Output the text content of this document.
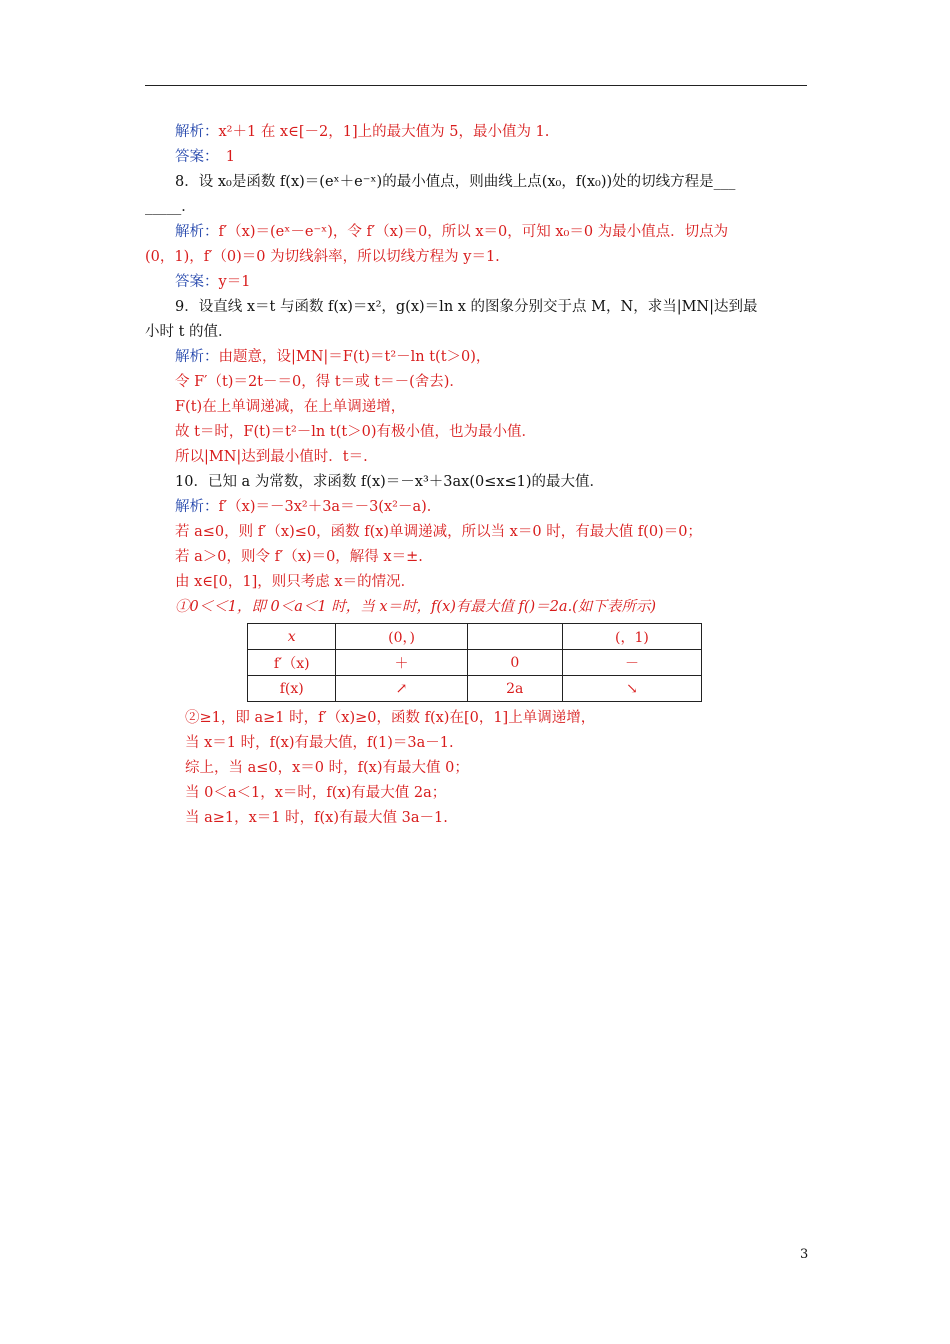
解析：x²＋1 在 x∈[－2，1]上的最大值为 5，最小值为 1.
答案：　1
8．设 x₀是函数 f(x)＝(eˣ＋e⁻ˣ)的最小值点，则曲线上点(x₀，f(x₀))处的切线方程是___
_____．
解析：f′（x)＝(eˣ－e⁻ˣ)，令 f′（x)＝0，所以 x＝0，可知 x₀＝0 为最小值点．切点为
(0，1)，f′（0)＝0 为切线斜率，所以切线方程为 y＝1.
答案：y＝1
9．设直线 x＝t 与函数 f(x)＝x²，g(x)＝ln x 的图象分别交于点 M，N，求当|MN|达到最
小时 t 的值．
解析：由题意，设|MN|＝F(t)＝t²－ln t(t＞0)，
令 F′（t)＝2t－＝0，得 t＝或 t＝－(舍去)．
F(t)在上单调递减，在上单调递增，
故 t＝时，F(t)＝t²－ln t(t＞0)有极小值，也为最小值．
所以|MN|达到最小值时．t＝.
10．已知 a 为常数，求函数 f(x)＝－x³＋3ax(0≤x≤1)的最大值．
解析：f′（x)＝－3x²＋3a＝－3(x²－a)．
若 a≤0，则 f′（x)≤0，函数 f(x)单调递减，所以当 x＝0 时，有最大值 f(0)＝0；
若 a＞0，则令 f′（x)＝0，解得 x＝±.
由 x∈[0，1]，则只考虑 x＝的情况．
①0＜＜1，即 0＜a＜1 时，当 x＝时，f(x)有最大值 f()＝2a.(如下表所示)
x	(0，)		(，1)
f′（x)	＋	0	－
f(x)	↗	2a	↘
②≥1，即 a≥1 时，f′（x)≥0，函数 f(x)在[0，1]上单调递增，
当 x＝1 时，f(x)有最大值，f(1)＝3a－1.
综上，当 a≤0，x＝0 时，f(x)有最大值 0；
当 0＜a＜1，x＝时，f(x)有最大值 2a；
当 a≥1，x＝1 时，f(x)有最大值 3a－1.
3
